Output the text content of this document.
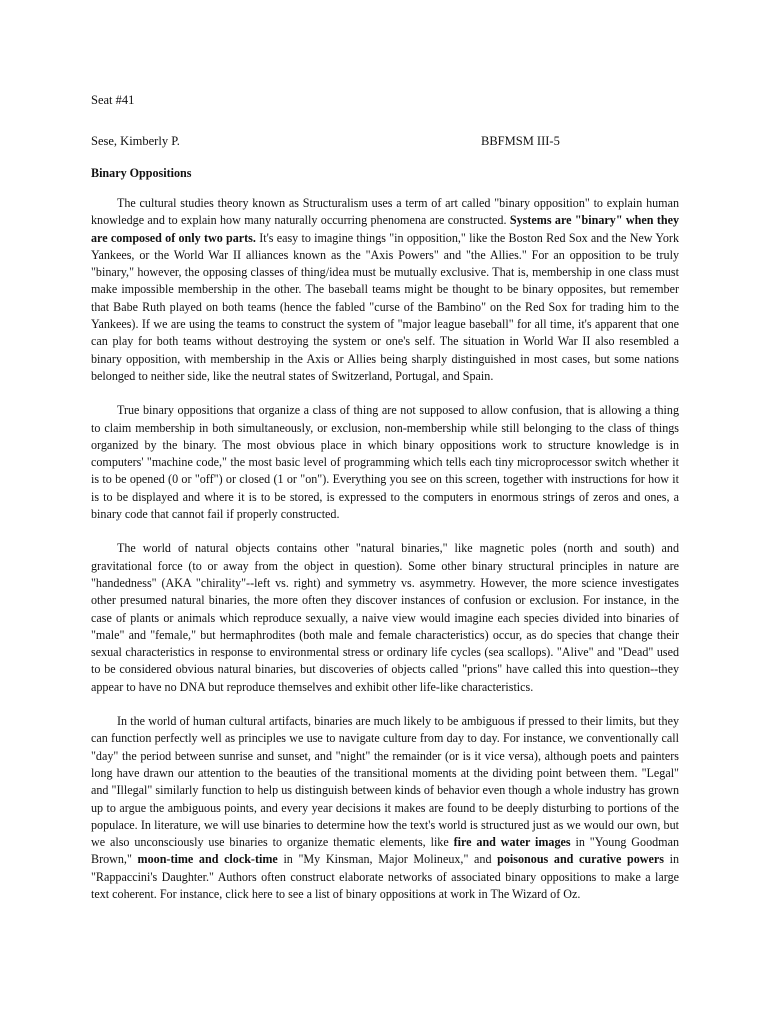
Seat #41
Sese, Kimberly P.	BBFMSM III-5
Binary Oppositions

The cultural studies theory known as Structuralism uses a term of art called "binary opposition" to explain human knowledge and to explain how many naturally occurring phenomena are constructed. Systems are "binary" when they are composed of only two parts. It's easy to imagine things "in opposition," like the Boston Red Sox and the New York Yankees, or the World War II alliances known as the "Axis Powers" and "the Allies." For an opposition to be truly "binary," however, the opposing classes of thing/idea must be mutually exclusive. That is, membership in one class must make impossible membership in the other. The baseball teams might be thought to be binary opposites, but remember that Babe Ruth played on both teams (hence the fabled "curse of the Bambino" on the Red Sox for trading him to the Yankees). If we are using the teams to construct the system of "major league baseball" for all time, it's apparent that one can play for both teams without destroying the system or one's self. The situation in World War II also resembled a binary opposition, with membership in the Axis or Allies being sharply distinguished in most cases, but some nations belonged to neither side, like the neutral states of Switzerland, Portugal, and Spain.

True binary oppositions that organize a class of thing are not supposed to allow confusion, that is allowing a thing to claim membership in both simultaneously, or exclusion, non-membership while still belonging to the class of things organized by the binary. The most obvious place in which binary oppositions work to structure knowledge is in computers' "machine code," the most basic level of programming which tells each tiny microprocessor switch whether it is to be opened (0 or "off") or closed (1 or "on"). Everything you see on this screen, together with instructions for how it is to be displayed and where it is to be stored, is expressed to the computers in enormous strings of zeros and ones, a binary code that cannot fail if properly constructed.

The world of natural objects contains other "natural binaries," like magnetic poles (north and south) and gravitational force (to or away from the object in question). Some other binary structural principles in nature are "handedness" (AKA "chirality"--left vs. right) and symmetry vs. asymmetry. However, the more science investigates other presumed natural binaries, the more often they discover instances of confusion or exclusion. For instance, in the case of plants or animals which reproduce sexually, a naive view would imagine each species divided into binaries of "male" and "female," but hermaphrodites (both male and female characteristics) occur, as do species that change their sexual characteristics in response to environmental stress or ordinary life cycles (sea scallops). "Alive" and "Dead" used to be considered obvious natural binaries, but discoveries of objects called "prions" have called this into question--they appear to have no DNA but reproduce themselves and exhibit other life-like characteristics.

In the world of human cultural artifacts, binaries are much likely to be ambiguous if pressed to their limits, but they can function perfectly well as principles we use to navigate culture from day to day. For instance, we conventionally call "day" the period between sunrise and sunset, and "night" the remainder (or is it vice versa), although poets and painters long have drawn our attention to the beauties of the transitional moments at the dividing point between them. "Legal" and "Illegal" similarly function to help us distinguish between kinds of behavior even though a whole industry has grown up to argue the ambiguous points, and every year decisions it makes are found to be deeply disturbing to portions of the populace. In literature, we will use binaries to determine how the text's world is structured just as we would our own, but we also unconsciously use binaries to organize thematic elements, like fire and water images in "Young Goodman Brown," moon-time and clock-time in "My Kinsman, Major Molineux," and poisonous and curative powers in "Rappaccini's Daughter." Authors often construct elaborate networks of associated binary oppositions to make a large text coherent. For instance, click here to see a list of binary oppositions at work in The Wizard of Oz.
